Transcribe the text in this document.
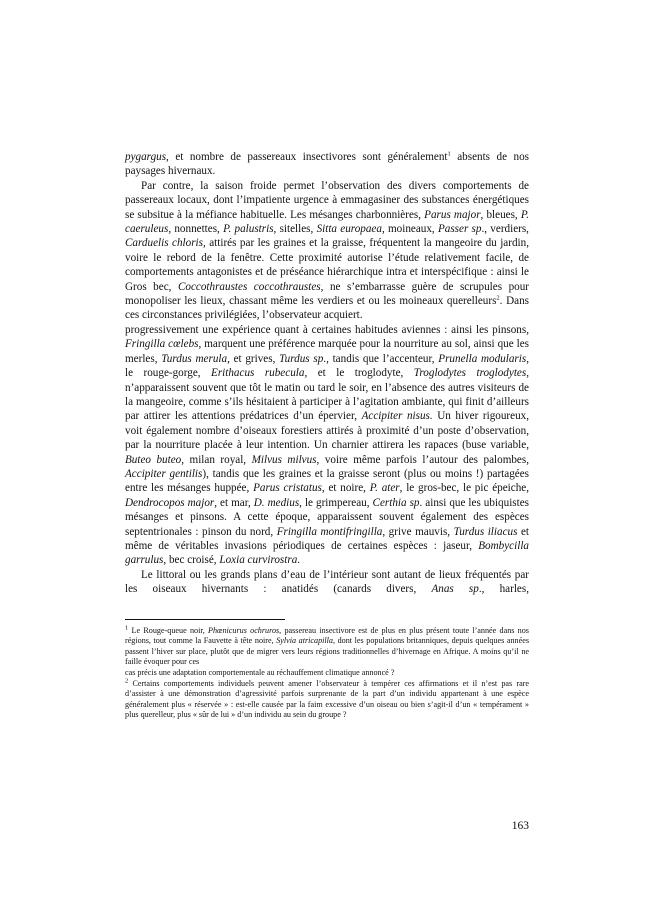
pygargus, et nombre de passereaux insectivores sont généralement$^1$ absents de nos paysages hivernaux.

Par contre, la saison froide permet l’observation des divers comportements de passereaux locaux, dont l’impatiente urgence à emmagasiner des substances énergétiques se subsitue à la méfiance habituelle. Les mésanges charbonnières, Parus major, bleues, P. caeruleus, nonnettes, P. palustris, sitelles, Sitta europaea, moineaux, Passer sp., verdiers, Carduelis chloris, attirés par les graines et la graisse, fréquentent la mangeoire du jardin, voire le rebord de la fenêtre. Cette proximité autorise l’étude relativement facile, de comportements antagonistes et de préséance hiérarchique intra et interspécifique : ainsi le Gros bec, Coccothraustes coccothraustes, ne s’embarrasse guère de scrupules pour monopoliser les lieux, chassant même les verdiers et ou les moineaux querelleurs$^2$. Dans ces circonstances privilégiées, l’observateur acquiert.

progressivement une expérience quant à certaines habitudes aviennes : ainsi les pinsons, Fringilla cœlebs, marquent une préférence marquée pour la nourriture au sol, ainsi que les merles, Turdus merula, et grives, Turdus sp., tandis que l’accenteur, Prunella modularis, le rouge-gorge, Erithacus rubecula, et le troglodyte, Troglodytes troglodytes, n’apparaissent souvent que tôt le matin ou tard le soir, en l’absence des autres visiteurs de la mangeoire, comme s’ils hésitaient à participer à l’agitation ambiante, qui finit d’ailleurs par attirer les attentions prédatrices d’un épervier, Accipiter nisus. Un hiver rigoureux, voit également nombre d’oiseaux forestiers attirés à proximité d’un poste d’observation, par la nourriture placée à leur intention. Un charnier attirera les rapaces (buse variable, Buteo buteo, milan royal, Milvus milvus, voire même parfois l’autour des palombes, Accipiter gentilis), tandis que les graines et la graisse seront (plus ou moins !) partagées entre les mésanges huppée, Parus cristatus, et noire, P. ater, le gros-bec, le pic épeiche, Dendrocopos major, et mar, D. medius, le grimpereau, Certhia sp. ainsi que les ubiquistes mésanges et pinsons. A cette époque, apparaissent souvent également des espèces septentrionales : pinson du nord, Fringilla montifringilla, grive mauvis, Turdus iliacus et même de véritables invasions périodiques de certaines espèces : jaseur, Bombycilla garrulus, bec croisé, Loxia curvirostra.

Le littoral ou les grands plans d’eau de l’intérieur sont autant de lieux fréquentés par les oiseaux hivernants : anatidés (canards divers, Anas sp., harles,

$^1$ Le Rouge-queue noir, Phœnicurus ochruros, passereau insectivore est de plus en plus présent toute l’année dans nos régions, tout comme la Fauvette à tête noire, Sylvia atricapilla, dont les populations britanniques, depuis quelques années passent l’hiver sur place, plutôt que de migrer vers leurs régions traditionnelles d’hivernage en Afrique. A moins qu’il ne faille évoquer pour ces

cas précis une adaptation comportementale au réchauffement climatique annoncé ?

$^2$ Certains comportements individuels peuvent amener l’observateur à tempérer ces affirmations et il n’est pas rare d’assister à une démonstration d’agressivité parfois surprenante de la part d’un individu appartenant à une espèce généralement plus « réservée » : est-elle causée par la faim excessive d’un oiseau ou bien s’agit-il d’un « tempérament » plus querelleur, plus « sûr de lui » d’un individu au sein du groupe ?

163
